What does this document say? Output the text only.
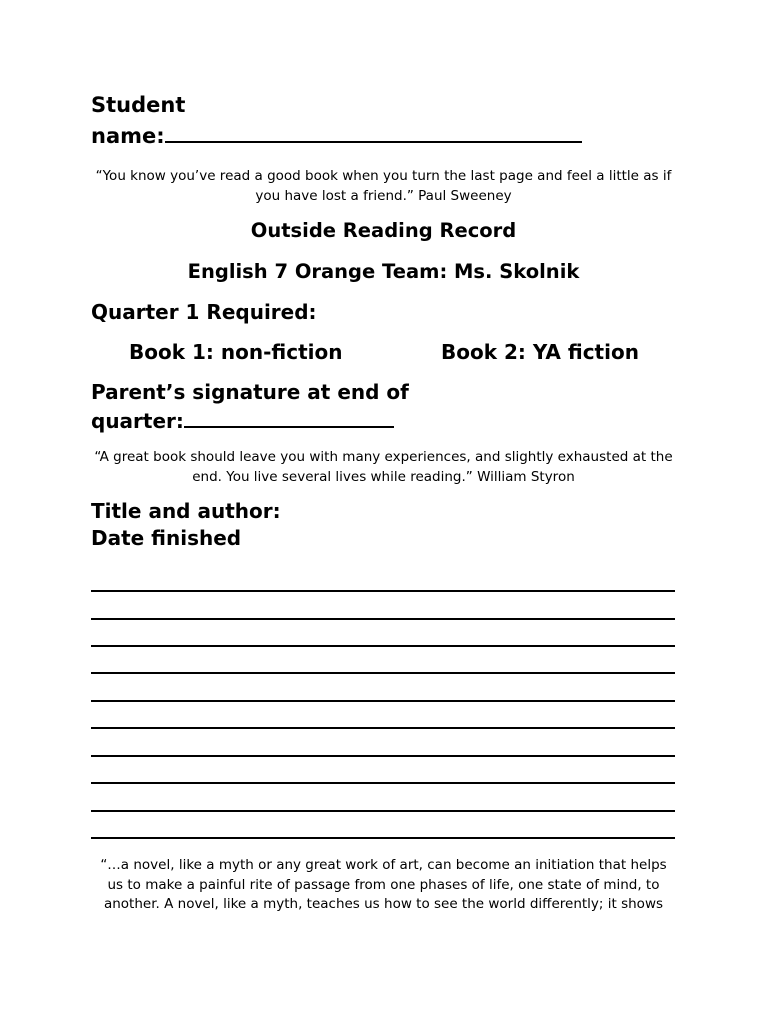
Student
name:

“You know you’ve read a good book when you turn the last page and feel a little as if you have lost a friend.” Paul Sweeney

Outside Reading Record

English 7 Orange Team: Ms. Skolnik

Quarter 1 Required:

Book 1: non-fiction	Book 2: YA fiction

Parent’s signature at end of
quarter:

“A great book should leave you with many experiences, and slightly exhausted at the end. You live several lives while reading.” William Styron

Title and author:

Date finished

“…a novel, like a myth or any great work of art, can become an initiation that helps us to make a painful rite of passage from one phases of life, one state of mind, to another. A novel, like a myth, teaches us how to see the world differently; it shows
